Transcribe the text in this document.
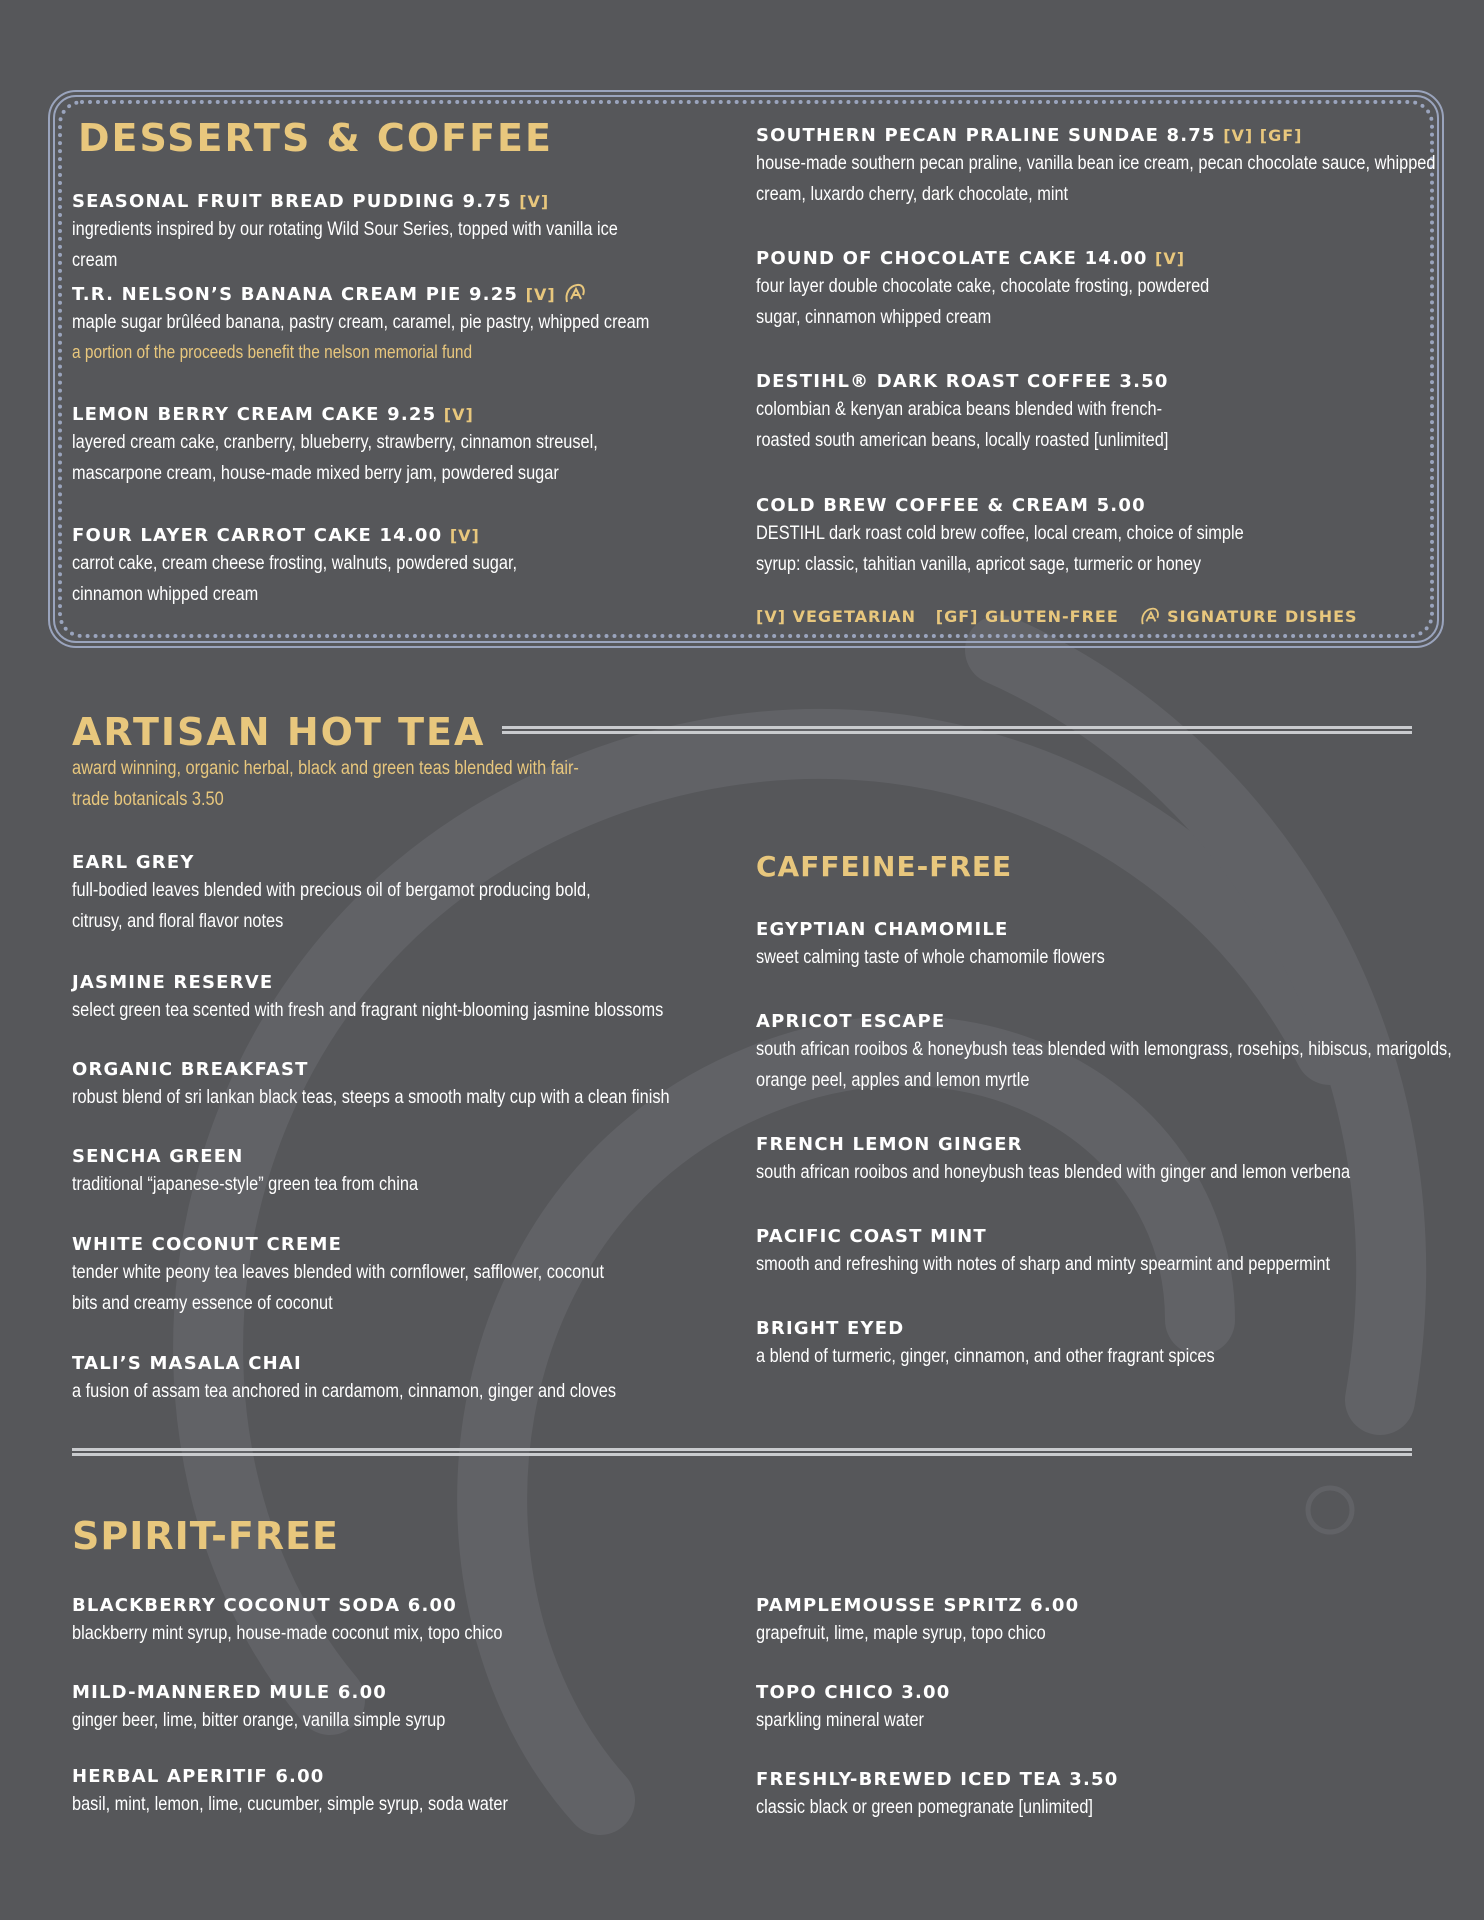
DESSERTS & COFFEE
SEASONAL FRUIT BREAD PUDDING 9.75 [V]
ingredients inspired by our rotating Wild Sour Series, topped with vanilla ice cream
T.R. NELSON’S BANANA CREAM PIE 9.25 [V]
maple sugar brûléed banana, pastry cream, caramel, pie pastry, whipped cream
a portion of the proceeds benefit the nelson memorial fund
LEMON BERRY CREAM CAKE 9.25 [V]
layered cream cake, cranberry, blueberry, strawberry, cinnamon streusel, mascarpone cream, house-made mixed berry jam, powdered sugar
FOUR LAYER CARROT CAKE 14.00 [V]
carrot cake, cream cheese frosting, walnuts, powdered sugar, cinnamon whipped cream
SOUTHERN PECAN PRALINE SUNDAE 8.75 [V] [GF]
house-made southern pecan praline, vanilla bean ice cream, pecan chocolate sauce, whipped cream, luxardo cherry, dark chocolate, mint
POUND OF CHOCOLATE CAKE 14.00 [V]
four layer double chocolate cake, chocolate frosting, powdered sugar, cinnamon whipped cream
DESTIHL® DARK ROAST COFFEE 3.50
colombian & kenyan arabica beans blended with french-roasted south american beans, locally roasted [unlimited]
COLD BREW COFFEE & CREAM 5.00
DESTIHL dark roast cold brew coffee, local cream, choice of simple syrup: classic, tahitian vanilla, apricot sage, turmeric or honey
[V] VEGETARIAN [GF] GLUTEN-FREE	SIGNATURE DISHES
ARTISAN HOT TEA
award winning, organic herbal, black and green teas blended with fair-trade botanicals 3.50
EARL GREY
full-bodied leaves blended with precious oil of bergamot producing bold, citrusy, and floral flavor notes
JASMINE RESERVE
select green tea scented with fresh and fragrant night-blooming jasmine blossoms
ORGANIC BREAKFAST
robust blend of sri lankan black teas, steeps a smooth malty cup with a clean finish
SENCHA GREEN
traditional “japanese-style” green tea from china
WHITE COCONUT CREME
tender white peony tea leaves blended with cornflower, safflower, coconut bits and creamy essence of coconut
TALI’S MASALA CHAI
a fusion of assam tea anchored in cardamom, cinnamon, ginger and cloves
CAFFEINE-FREE
EGYPTIAN CHAMOMILE
sweet calming taste of whole chamomile flowers
APRICOT ESCAPE
south african rooibos & honeybush teas blended with lemongrass, rosehips, hibiscus, marigolds, orange peel, apples and lemon myrtle
FRENCH LEMON GINGER
south african rooibos and honeybush teas blended with ginger and lemon verbena
PACIFIC COAST MINT
smooth and refreshing with notes of sharp and minty spearmint and peppermint
BRIGHT EYED
a blend of turmeric, ginger, cinnamon, and other fragrant spices
SPIRIT-FREE
BLACKBERRY COCONUT SODA 6.00
blackberry mint syrup, house-made coconut mix, topo chico
MILD-MANNERED MULE 6.00
ginger beer, lime, bitter orange, vanilla simple syrup
HERBAL APERITIF 6.00
basil, mint, lemon, lime, cucumber, simple syrup, soda water
PAMPLEMOUSSE SPRITZ 6.00
grapefruit, lime, maple syrup, topo chico
TOPO CHICO 3.00
sparkling mineral water
FRESHLY-BREWED ICED TEA 3.50
classic black or green pomegranate [unlimited]
